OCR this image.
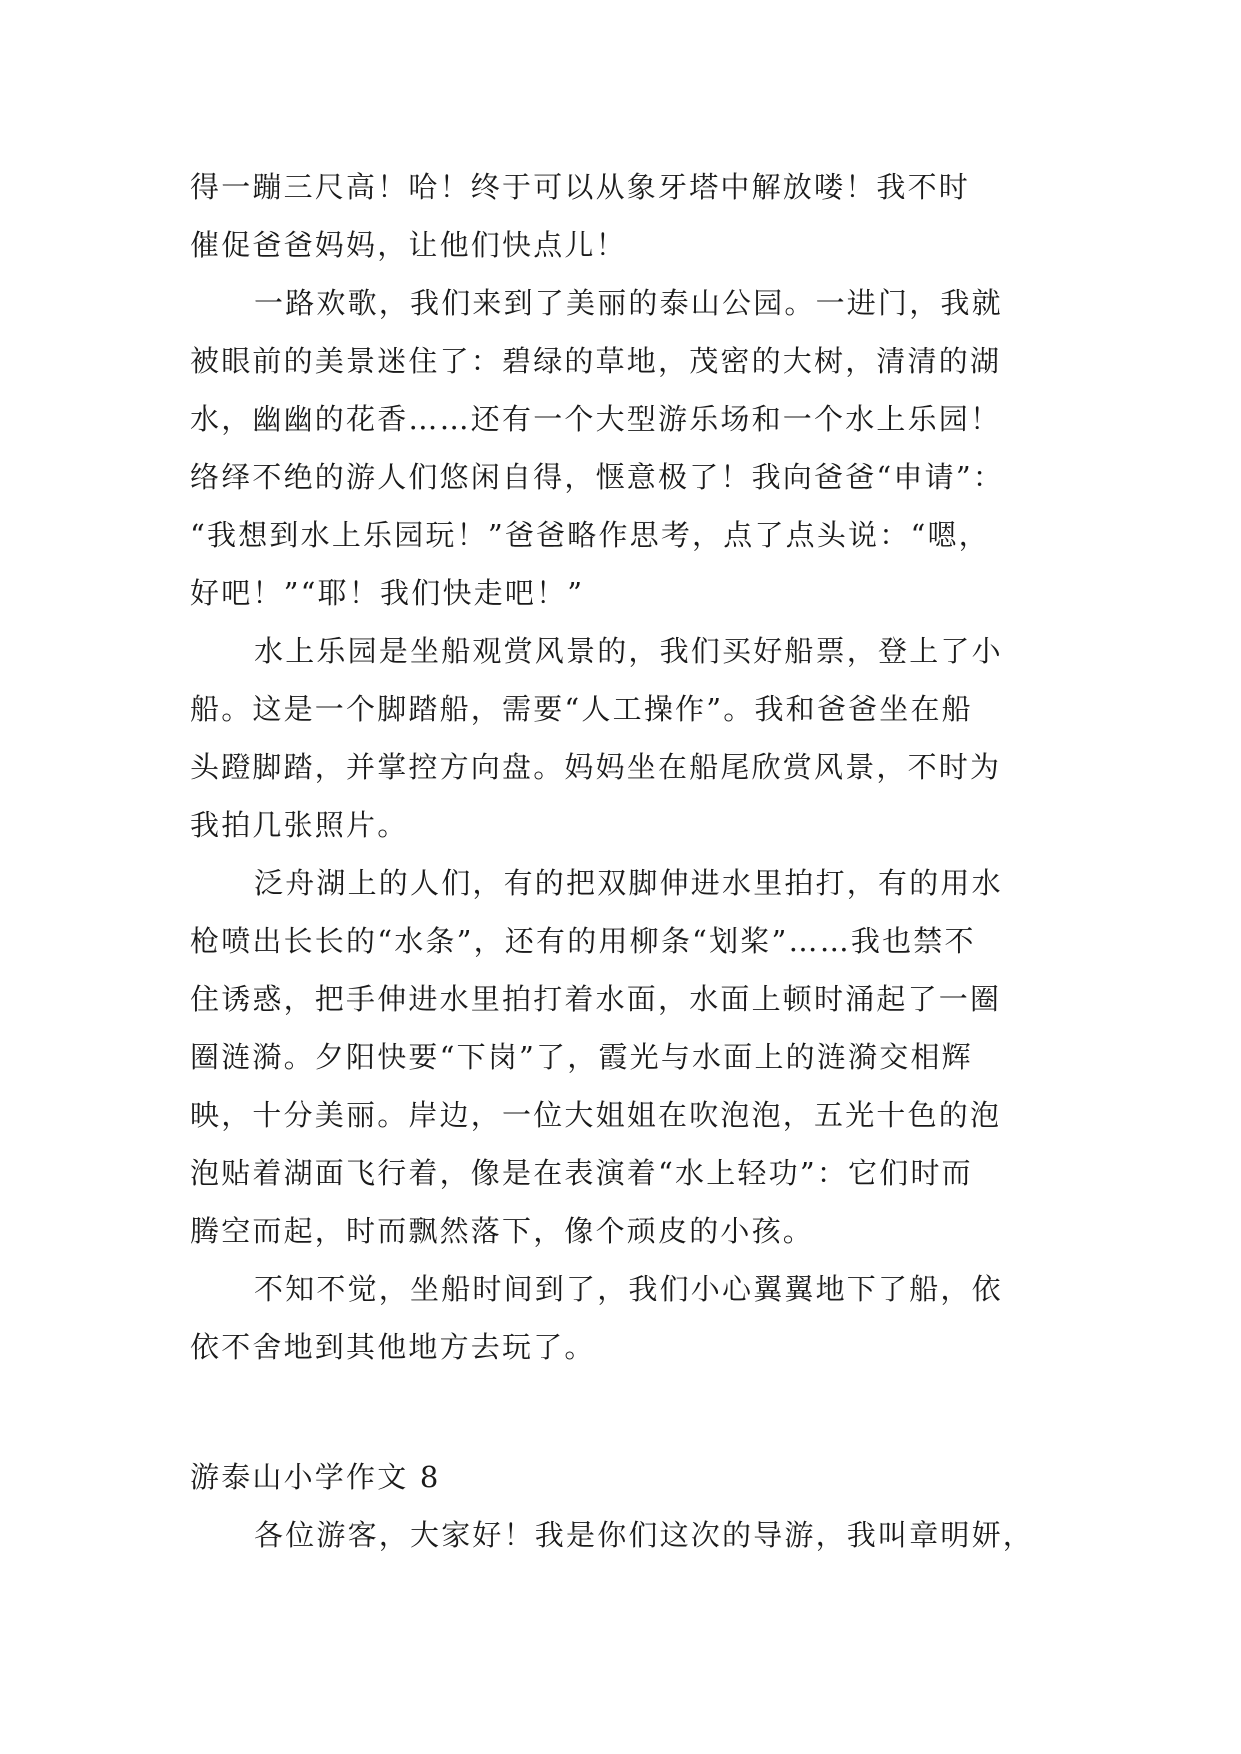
得一蹦三尺高！哈！终于可以从象牙塔中解放喽！我不时
催促爸爸妈妈，让他们快点儿！
一路欢歌，我们来到了美丽的泰山公园。一进门，我就
被眼前的美景迷住了：碧绿的草地，茂密的大树，清清的湖
水，幽幽的花香……还有一个大型游乐场和一个水上乐园！
络绎不绝的游人们悠闲自得，惬意极了！我向爸爸“申请”：
“我想到水上乐园玩！”爸爸略作思考，点了点头说：“嗯，
好吧！”“耶！我们快走吧！”
水上乐园是坐船观赏风景的，我们买好船票，登上了小
船。这是一个脚踏船，需要“人工操作”。我和爸爸坐在船
头蹬脚踏，并掌控方向盘。妈妈坐在船尾欣赏风景，不时为
我拍几张照片。
泛舟湖上的人们，有的把双脚伸进水里拍打，有的用水
枪喷出长长的“水条”，还有的用柳条“划桨”……我也禁不
住诱惑，把手伸进水里拍打着水面，水面上顿时涌起了一圈
圈涟漪。夕阳快要“下岗”了，霞光与水面上的涟漪交相辉
映，十分美丽。岸边，一位大姐姐在吹泡泡，五光十色的泡
泡贴着湖面飞行着，像是在表演着“水上轻功”：它们时而
腾空而起，时而飘然落下，像个顽皮的小孩。
不知不觉，坐船时间到了，我们小心翼翼地下了船，依
依不舍地到其他地方去玩了。
游泰山小学作文 8
各位游客，大家好！我是你们这次的导游，我叫章明妍，
